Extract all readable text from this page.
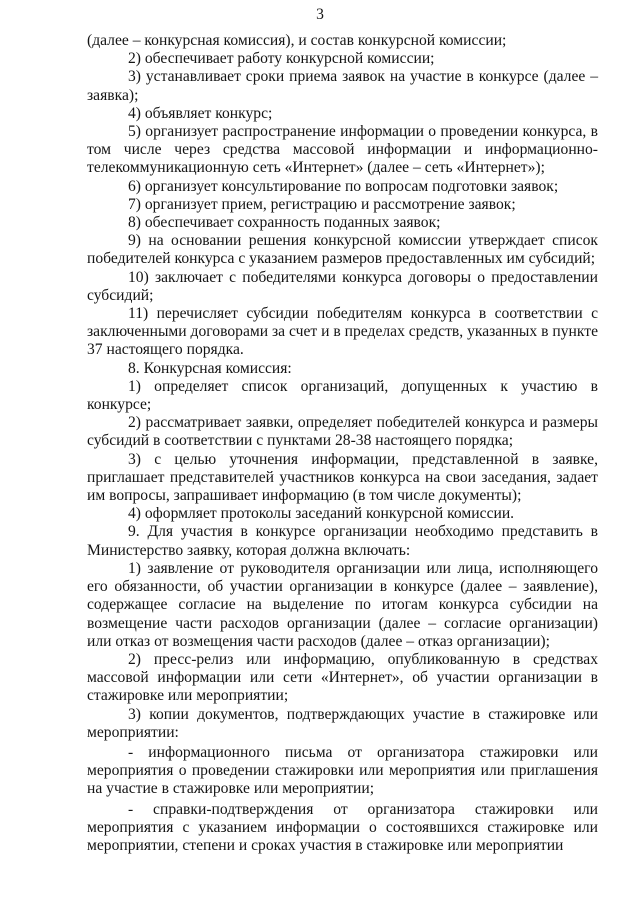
3

(далее – конкурсная комиссия), и состав конкурсной комиссии;

2) обеспечивает работу конкурсной комиссии;

3) устанавливает сроки приема заявок на участие в конкурсе (далее – заявка);

4) объявляет конкурс;

5) организует распространение информации о проведении конкурса, в том числе через средства массовой информации и информационно-телекоммуникационную сеть «Интернет» (далее – сеть «Интернет»);

6) организует консультирование по вопросам подготовки заявок;

7) организует прием, регистрацию и рассмотрение заявок;

8) обеспечивает сохранность поданных заявок;

9) на основании решения конкурсной комиссии утверждает список победителей конкурса с указанием размеров предоставленных им субсидий;

10) заключает с победителями конкурса договоры о предоставлении субсидий;

11) перечисляет субсидии победителям конкурса в соответствии с заключенными договорами за счет и в пределах средств, указанных в пункте 37 настоящего порядка.

8. Конкурсная комиссия:

1) определяет список организаций, допущенных к участию в конкурсе;

2) рассматривает заявки, определяет победителей конкурса и размеры субсидий в соответствии с пунктами 28-38 настоящего порядка;

3) с целью уточнения информации, представленной в заявке, приглашает представителей участников конкурса на свои заседания, задает им вопросы, запрашивает информацию (в том числе документы);

4) оформляет протоколы заседаний конкурсной комиссии.

9. Для участия в конкурсе организации необходимо представить в Министерство заявку, которая должна включать:

1) заявление от руководителя организации или лица, исполняющего его обязанности, об участии организации в конкурсе (далее – заявление), содержащее согласие на выделение по итогам конкурса субсидии на возмещение части расходов организации (далее – согласие организации) или отказ от возмещения части расходов (далее – отказ организации);

2) пресс-релиз или информацию, опубликованную в средствах массовой информации или сети «Интернет», об участии организации в стажировке или мероприятии;

3) копии документов, подтверждающих участие в стажировке или мероприятии:

- информационного письма от организатора стажировки или мероприятия о проведении стажировки или мероприятия или приглашения на участие в стажировке или мероприятии;

- справки-подтверждения от организатора стажировки или мероприятия с указанием информации о состоявшихся стажировке или мероприятии, степени и сроках участия в стажировке или мероприятии
